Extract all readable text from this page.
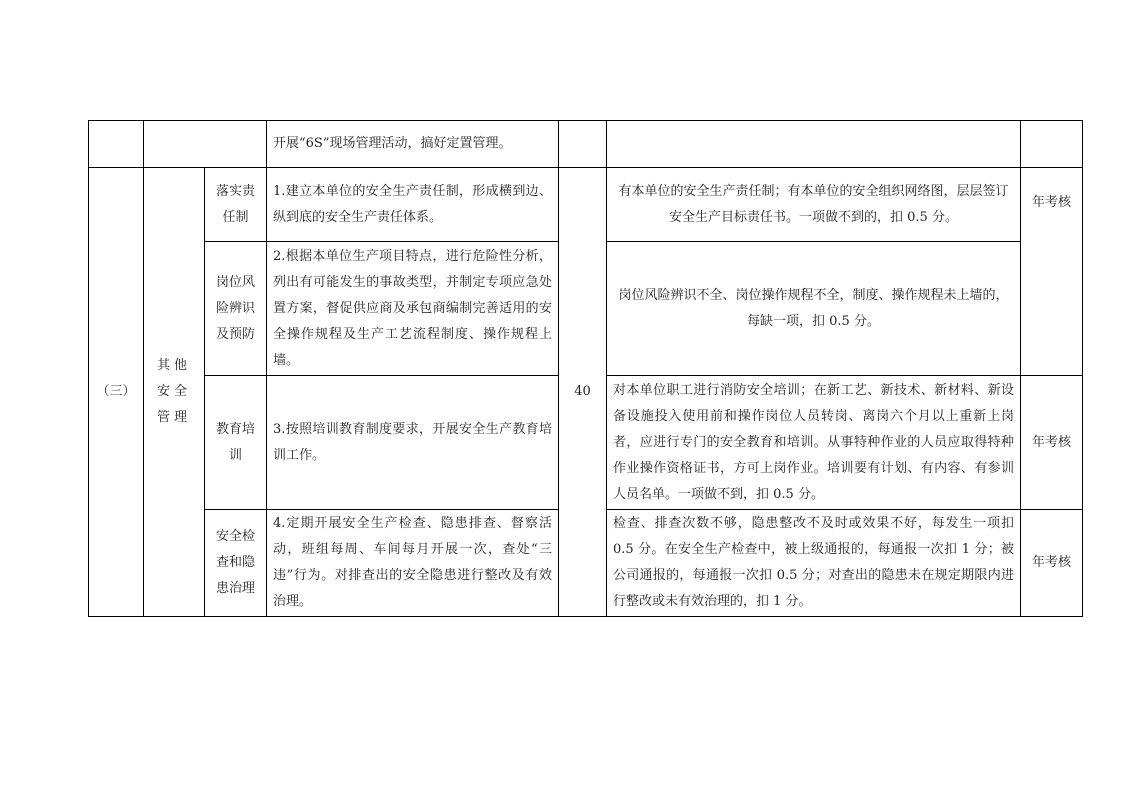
			开展“6S”现场管理活动，搞好定置管理。			
（三）	其他安全管理	落实责任制	1.建立本单位的安全生产责任制，形成横到边、纵到底的安全生产责任体系。	40	有本单位的安全生产责任制；有本单位的安全组织网络图，层层签订安全生产目标责任书。一项做不到的，扣 0.5 分。	年考核
		岗位风险辨识及预防	2.根据本单位生产项目特点，进行危险性分析，列出有可能发生的事故类型，并制定专项应急处置方案，督促供应商及承包商编制完善适用的安全操作规程及生产工艺流程制度、操作规程上墙。		岗位风险辨识不全、岗位操作规程不全，制度、操作规程未上墙的，每缺一项，扣 0.5 分。	
		教育培训	3.按照培训教育制度要求，开展安全生产教育培训工作。		对本单位职工进行消防安全培训；在新工艺、新技术、新材料、新设备设施投入使用前和操作岗位人员转岗、离岗六个月以上重新上岗者，应进行专门的安全教育和培训。从事特种作业的人员应取得特种作业操作资格证书，方可上岗作业。培训要有计划、有内容、有参训人员名单。一项做不到，扣 0.5 分。	年考核
		安全检查和隐患治理	4.定期开展安全生产检查、隐患排查、督察活动，班组每周、车间每月开展一次，查处“三违”行为。对排查出的安全隐患进行整改及有效治理。		检查、排查次数不够，隐患整改不及时或效果不好，每发生一项扣 0.5 分。在安全生产检查中，被上级通报的，每通报一次扣 1 分；被公司通报的，每通报一次扣 0.5 分；对查出的隐患未在规定期限内进行整改或未有效治理的，扣 1 分。	年考核
